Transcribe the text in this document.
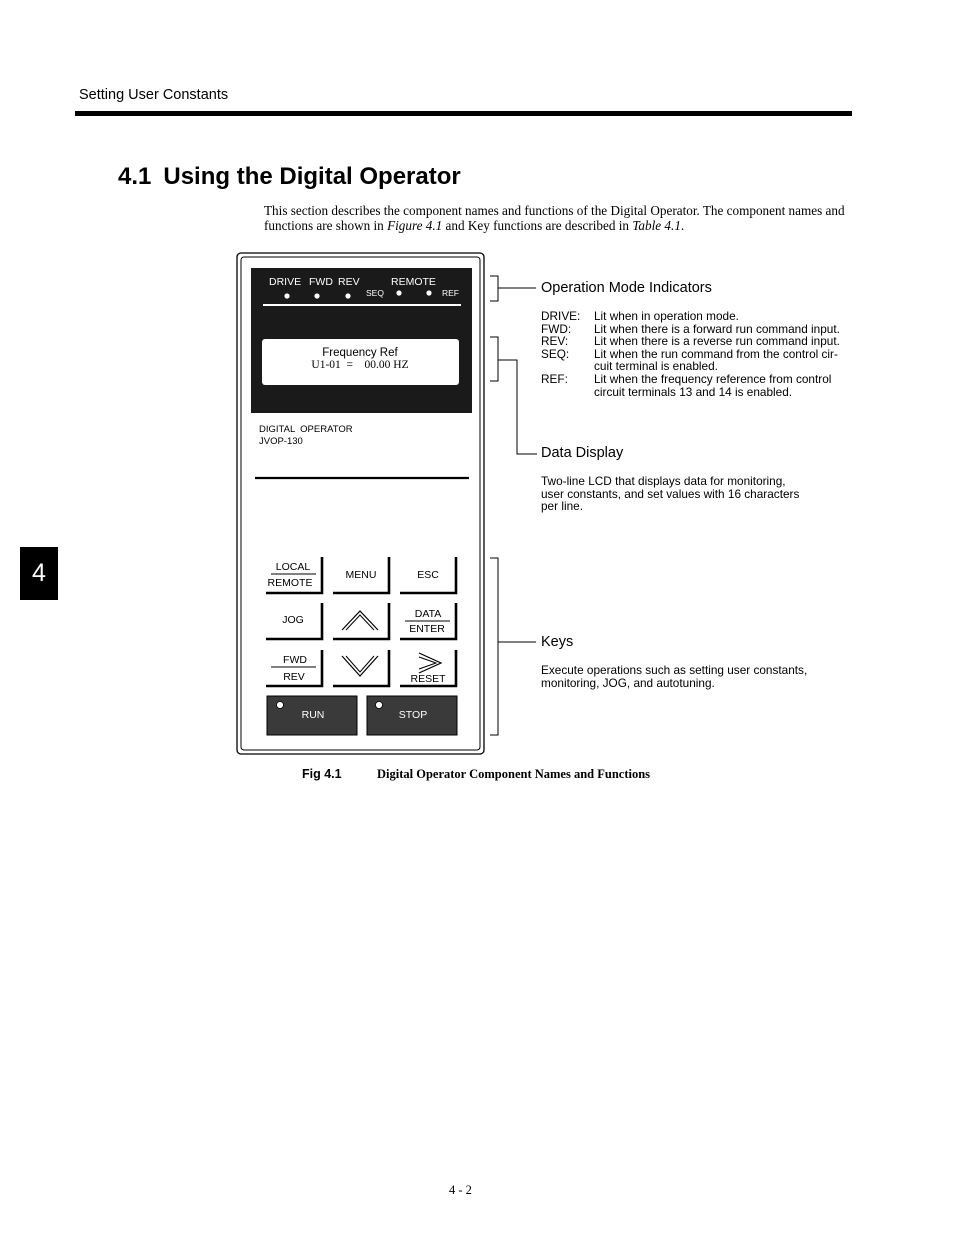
Setting User Constants
4.1 Using the Digital Operator
This section describes the component names and functions of the Digital Operator. The component names and functions are shown in Figure 4.1 and Key functions are described in Table 4.1.
4
DRIVE FWD REV	REMOTE
SEQ	REF
Frequency Ref
U1-01  =    00.00 HZ
DIGITAL  OPERATOR
JVOP-130
LOCAL
REMOTE
MENU	ESC
JOG	DATA
ENTER
FWD
REV	RESET
RUN	STOP
Operation Mode Indicators
DRIVE: Lit when in operation mode.
FWD: Lit when there is a forward run command input.
REV: Lit when there is a reverse run command input.
SEQ: Lit when the run command from the control cir-
cuit terminal is enabled.
REF: Lit when the frequency reference from control
circuit terminals 13 and 14 is enabled.
Data Display
Two-line LCD that displays data for monitoring,
user constants, and set values with 16 characters
per line.
Keys
Execute operations such as setting user constants,
monitoring, JOG, and autotuning.
Fig 4.1	Digital Operator Component Names and Functions
4 - 2
